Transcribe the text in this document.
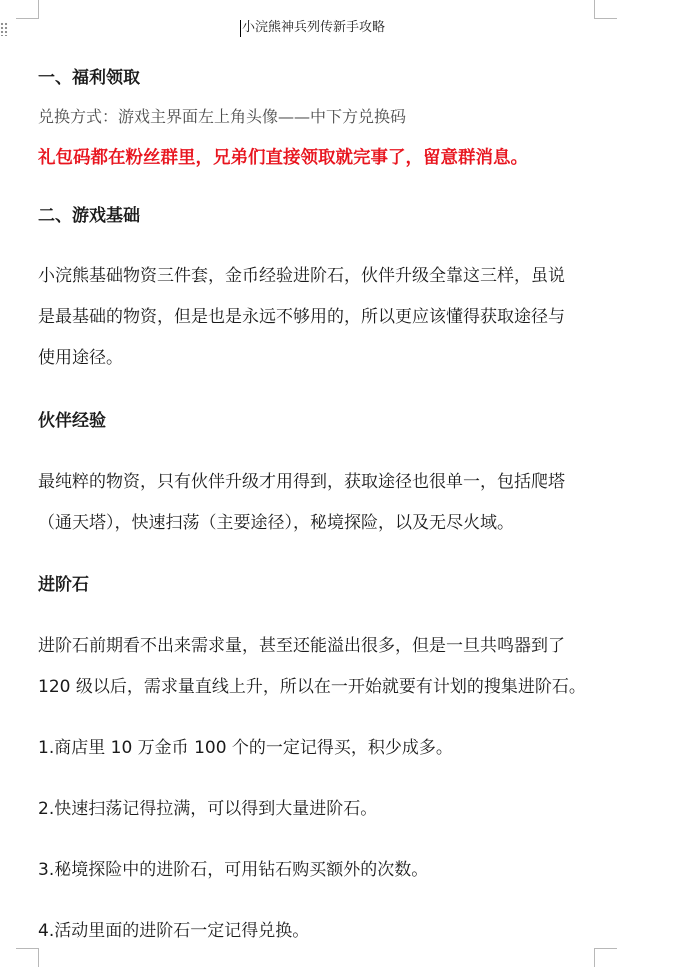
小浣熊神兵列传新手攻略
一、福利领取
兑换方式：游戏主界面左上角头像——中下方兑换码
礼包码都在粉丝群里，兄弟们直接领取就完事了，留意群消息。
二、游戏基础
小浣熊基础物资三件套，金币经验进阶石，伙伴升级全靠这三样，虽说
是最基础的物资，但是也是永远不够用的，所以更应该懂得获取途径与
使用途径。
伙伴经验
最纯粹的物资，只有伙伴升级才用得到，获取途径也很单一，包括爬塔
（通天塔），快速扫荡（主要途径），秘境探险，以及无尽火域。
进阶石
进阶石前期看不出来需求量，甚至还能溢出很多，但是一旦共鸣器到了
120 级以后，需求量直线上升，所以在一开始就要有计划的搜集进阶石。
1.商店里 10 万金币 100 个的一定记得买，积少成多。
2.快速扫荡记得拉满，可以得到大量进阶石。
3.秘境探险中的进阶石，可用钻石购买额外的次数。
4.活动里面的进阶石一定记得兑换。
